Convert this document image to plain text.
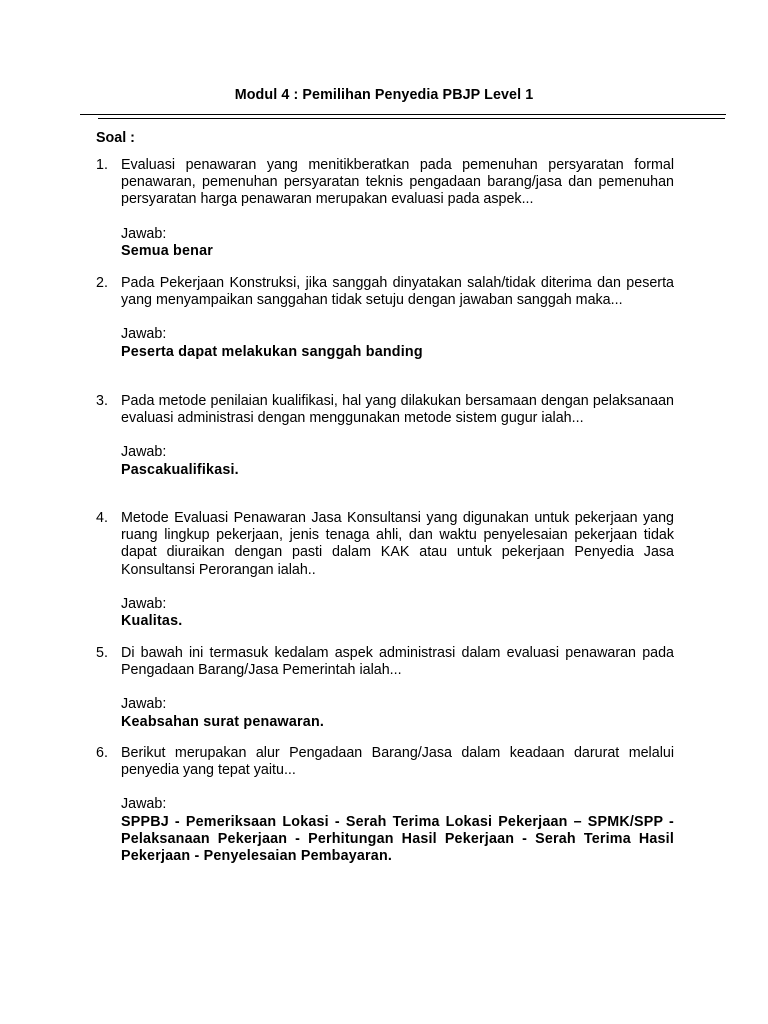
Modul 4 : Pemilihan Penyedia PBJP Level 1
Soal :
1. Evaluasi penawaran yang menitikberatkan pada pemenuhan persyaratan formal penawaran, pemenuhan persyaratan teknis pengadaan barang/jasa dan pemenuhan persyaratan harga penawaran merupakan evaluasi pada aspek...
Jawab:
Semua benar
2. Pada Pekerjaan Konstruksi, jika sanggah dinyatakan salah/tidak diterima dan peserta yang menyampaikan sanggahan tidak setuju dengan jawaban sanggah maka...
Jawab:
Peserta dapat melakukan sanggah banding
3. Pada metode penilaian kualifikasi, hal yang dilakukan bersamaan dengan pelaksanaan evaluasi administrasi dengan menggunakan metode sistem gugur ialah...
Jawab:
Pascakualifikasi.
4. Metode Evaluasi Penawaran Jasa Konsultansi yang digunakan untuk pekerjaan yang ruang lingkup pekerjaan, jenis tenaga ahli, dan waktu penyelesaian pekerjaan tidak dapat diuraikan dengan pasti dalam KAK atau untuk pekerjaan Penyedia Jasa Konsultansi Perorangan ialah..
Jawab:
Kualitas.
5. Di bawah ini termasuk kedalam aspek administrasi dalam evaluasi penawaran pada Pengadaan Barang/Jasa Pemerintah ialah...
Jawab:
Keabsahan surat penawaran.
6. Berikut merupakan alur Pengadaan Barang/Jasa dalam keadaan darurat melalui penyedia yang tepat yaitu...
Jawab:
SPPBJ - Pemeriksaan Lokasi - Serah Terima Lokasi Pekerjaan – SPMK/SPP - Pelaksanaan Pekerjaan - Perhitungan Hasil Pekerjaan - Serah Terima Hasil Pekerjaan - Penyelesaian Pembayaran.
